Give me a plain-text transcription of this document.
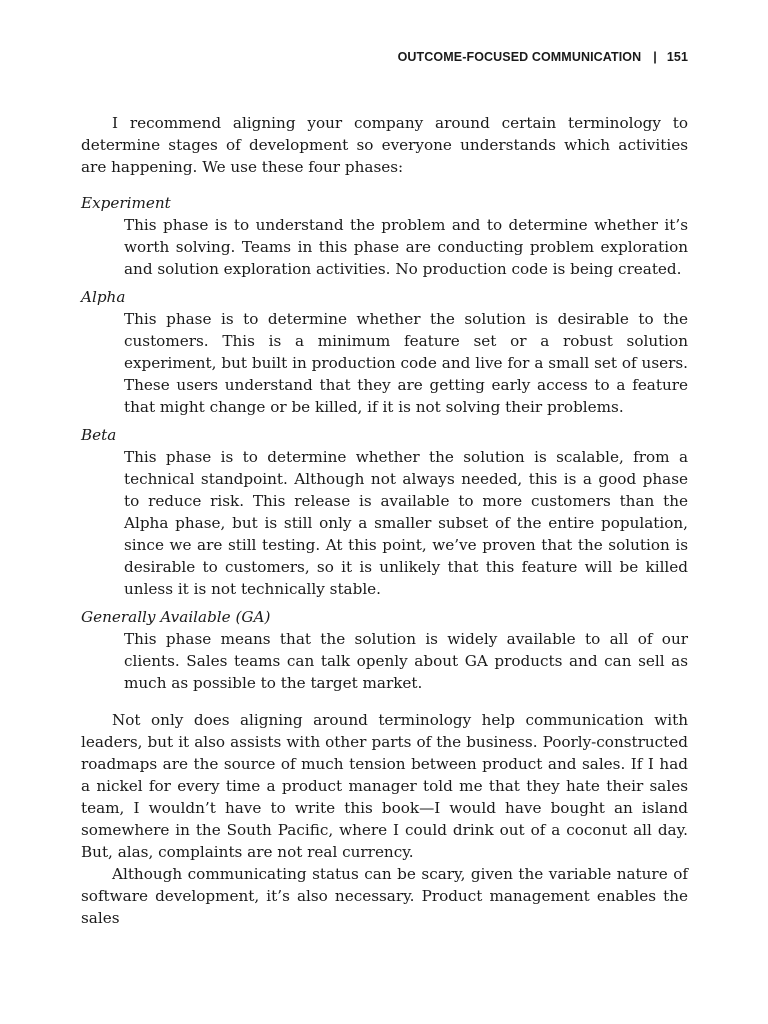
OUTCOME-FOCUSED COMMUNICATION | 151

I recommend aligning your company around certain terminology to determine stages of development so everyone understands which activities are happening. We use these four phases:

Experiment
This phase is to understand the problem and to determine whether it’s worth solving. Teams in this phase are conducting problem exploration and solution exploration activities. No production code is being created.
Alpha
This phase is to determine whether the solution is desirable to the customers. This is a minimum feature set or a robust solution experiment, but built in production code and live for a small set of users. These users understand that they are getting early access to a feature that might change or be killed, if it is not solving their problems.
Beta
This phase is to determine whether the solution is scalable, from a technical standpoint. Although not always needed, this is a good phase to reduce risk. This release is available to more customers than the Alpha phase, but is still only a smaller subset of the entire population, since we are still testing. At this point, we’ve proven that the solution is desirable to customers, so it is unlikely that this feature will be killed unless it is not technically stable.
Generally Available (GA)
This phase means that the solution is widely available to all of our clients. Sales teams can talk openly about GA products and can sell as much as possible to the target market.

Not only does aligning around terminology help communication with leaders, but it also assists with other parts of the business. Poorly-constructed roadmaps are the source of much tension between product and sales. If I had a nickel for every time a product manager told me that they hate their sales team, I wouldn’t have to write this book—I would have bought an island somewhere in the South Pacific, where I could drink out of a coconut all day. But, alas, complaints are not real currency.

Although communicating status can be scary, given the variable nature of software development, it’s also necessary. Product management enables the sales
